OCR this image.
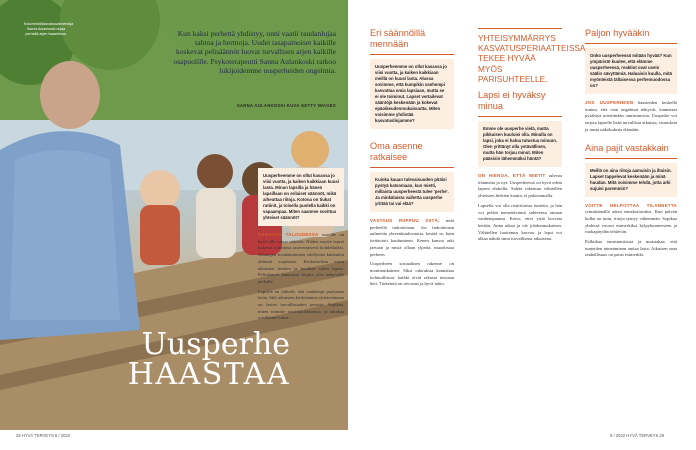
Kolumnisti/kasvatusvalmentaja Sanna Aulankoski ohjaa perheitä arjen haasteissa.	Kun kaksi perhettä yhdistyy, onni vaatii raudanlujaa tahtoa ja hermoja. Uudet tasapainoiset kaikille koskevat pelisäännöt luovat turvallisen arjen kaikille osapuolille. Psykoterapeutti Sanna Aulankoski ratkoo lukijoidemme uusperheiden ongelmia.
SANNA AULANKOSKI KUVA GETTY IMAGES
Uusperhe
HAASTAA
Uusperheemme on ollut kasassa jo viisi vuotta, ja kaiken kaikkiaan kuusi lasta. Minun lapsilla ja hänen lapsillaan on erilaiset säännöt, mikä aiheuttaa riitoja. Kotona on tiukat rutiinit, ja toisella puolella kaikki on vapaampaa. Miten saamme sovittua yhteiset säännöt?
SAMASSA TALOUDESSA asuville on hyvä olla samat säännöt. Niiden myötä lapset kokevat tulevansa tasavertaisesti kohdelluiksi. Sääntöjen noudattaminen edellyttää kuitenkin yhteistä sopimista. Keskustelkaa ensin aikuisten kesken ja kuulkaa sitten lapsia. Pelisäännöt kannattaa kirjata ylös näkyvälle paikalle.
Lapsille on tärkeää, että vanhempi puolustaa heitä. Silti aikuisten keskinäinen yhteisrintama on lasten turvallisuuden perusta. Sopikaa, miten toimitte ristiriitatilanteissa, ja antakaa toisillenne tukea.
28 HYVÄ TERVEYS 5 / 2022
Eri säännöillä mennään
Uusperheemme on ollut kasassa jo viisi vuotta, ja kaiken kaikkiaan meillä on kuusi lasta. Alussa sovimme, että kumpikin vanhempi kasvattaa omia lapsiaan, mutta se ei ole toiminut. Lapset vertailevat sääntöjä keskenään ja kokevat epäoikeudenmukaisuutta. Miten voisimme yhdistää kasvatuslinjamme?
Oma asenne ratkaisee
Kuinka kauan tulevaisuuden pitäisi pystyä katsomaan, kun mietti, millaista uusperheestä tulee 'perhe'. Ja minkälaista vaihetta uusperhe yrittää tai vai elää?
VASTAUS RIIPPUU SIITÄ, mitä perheellä tarkoitetaan. Jos tarkoitetaan aulmeitta yhteenkuuluvuutta, kestää se, kuin tiettävästi kuuluminen. Kenen kanssa arki jaetaan ja mistä ollaan ylpeitä, muodostaa perheen.
Uusperheen sosiaalinen rakenne on monimutkainen. Siksi odotuksia kannattaa kohtuullistaa: kaikki eivät rakasta toisiaan heti. Tärkeintä on arvostus ja hyvä tahto.
YHTEISYMMÄRRYS KASVATUSPERIAATTEISSA TEKEE HYVÄÄ MYÖS PARISUHTEELLE.
Lapsi ei hyväksy minua
Emme ole uusperhe vielä, mutta pikkuisen kuuluisi olla. Minulla on lapsi, joka ei halua tutustua minuun. Olen yrittänyt olla ystävällinen, mutta hän torjuu minut. Miten pääsisin lähemmäksi häntä?
ON HIENOA, ETTÄ MIETIT tulevaa tilannetta jo nyt. Uusperheessä on hyvä edetä lapsen ehdoilla. Suhde rakentuu vähitellen yhteisten hetkien kautta, ei pakottamalla.
Lapsella voi olla ristiriitaisia tunteita, ja hän voi pelätä menettävänsä suhteensa omaan vanhempaansa. Kerro, ettet yritä korvata ketään. Anna aikaa ja ole johdonmukainen. Vähitellen luottamus kasvaa, ja lapsi voi alkaa nähdä sinut turvallisena aikuisena.
Paljon hyvääkin
Onko uusperheessä mitään hyvää? Kun ympäristö kuulee, että elämme uusperheessä, reaktiot ovat usein säälin sävyttämiä. Haluaisin kuulla, mitä myönteistä tällaisessa perhemuodossa on?
JOS UUSPERHEEN haasteiden keskellä tuntuu, että vain ongelmat näkyvät, kannattaa pysähtyä miettimään onnistumisia. Uusperhe voi tarjota lapselle lisää turvallisia aikuisia, sisaruksia ja uusia näkökulmia elämään.
Aina pajit vastakkain
Meillä on aina riitoja aamuisin ja iltaisin. Lapset tappelevat keskenään ja minä huudan. Mitä voisimme tehdä, jotta arki sujuisi paremmin?
VOITTE HELPOTTAA TILANNETTA rytmittämällä arkea ennakoitavaksi. Kun päivän kulku on tuttu, riitoja syntyy vähemmän. Sopikaa yhdessä vuorot esimerkiksi kylpyhuoneeseen ja ruokapöydän tehtäviin.
Palkitkaa onnistumisista ja muistakaa, että tunteiden nimeäminen auttaa lasta. Aikuisen oma rauhallisuus on paras esimerkki.
5 / 2022 HYVÄ TERVEYS 29
